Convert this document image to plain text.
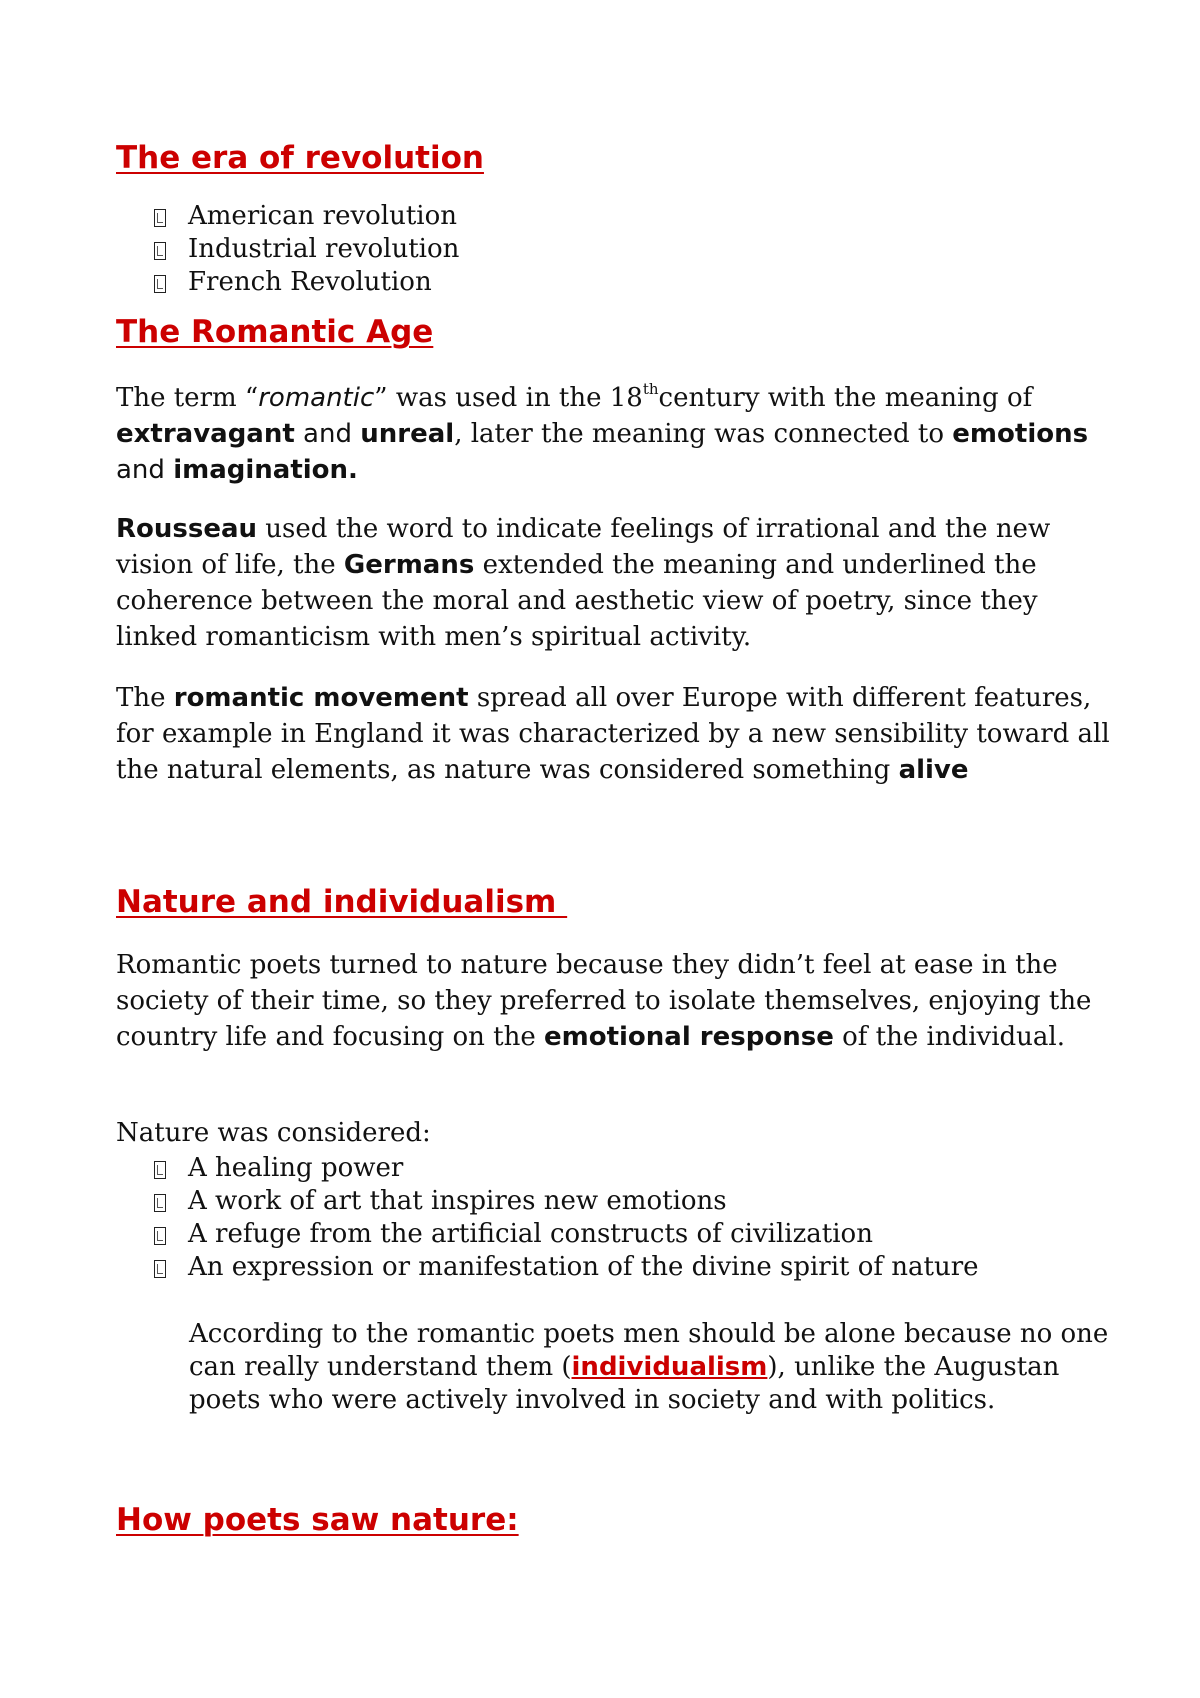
The era of revolution
American revolution
Industrial revolution
French Revolution
The Romantic Age

The term “romantic” was used in the 18thcentury with the meaning of extravagant and unreal, later the meaning was connected to emotions and imagination.

Rousseau used the word to indicate feelings of irrational and the new vision of life, the Germans extended the meaning and underlined the coherence between the moral and aesthetic view of poetry, since they linked romanticism with men’s spiritual activity.

The romantic movement spread all over Europe with different features, for example in England it was characterized by a new sensibility toward all the natural elements, as nature was considered something alive

Nature and individualism

Romantic poets turned to nature because they didn’t feel at ease in the society of their time, so they preferred to isolate themselves, enjoying the country life and focusing on the emotional response of the individual.

Nature was considered:

A healing power
A work of art that inspires new emotions
A refuge from the artificial constructs of civilization
An expression or manifestation of the divine spirit of nature

According to the romantic poets men should be alone because no one can really understand them (individualism), unlike the Augustan poets who were actively involved in society and with politics.

How poets saw nature:
